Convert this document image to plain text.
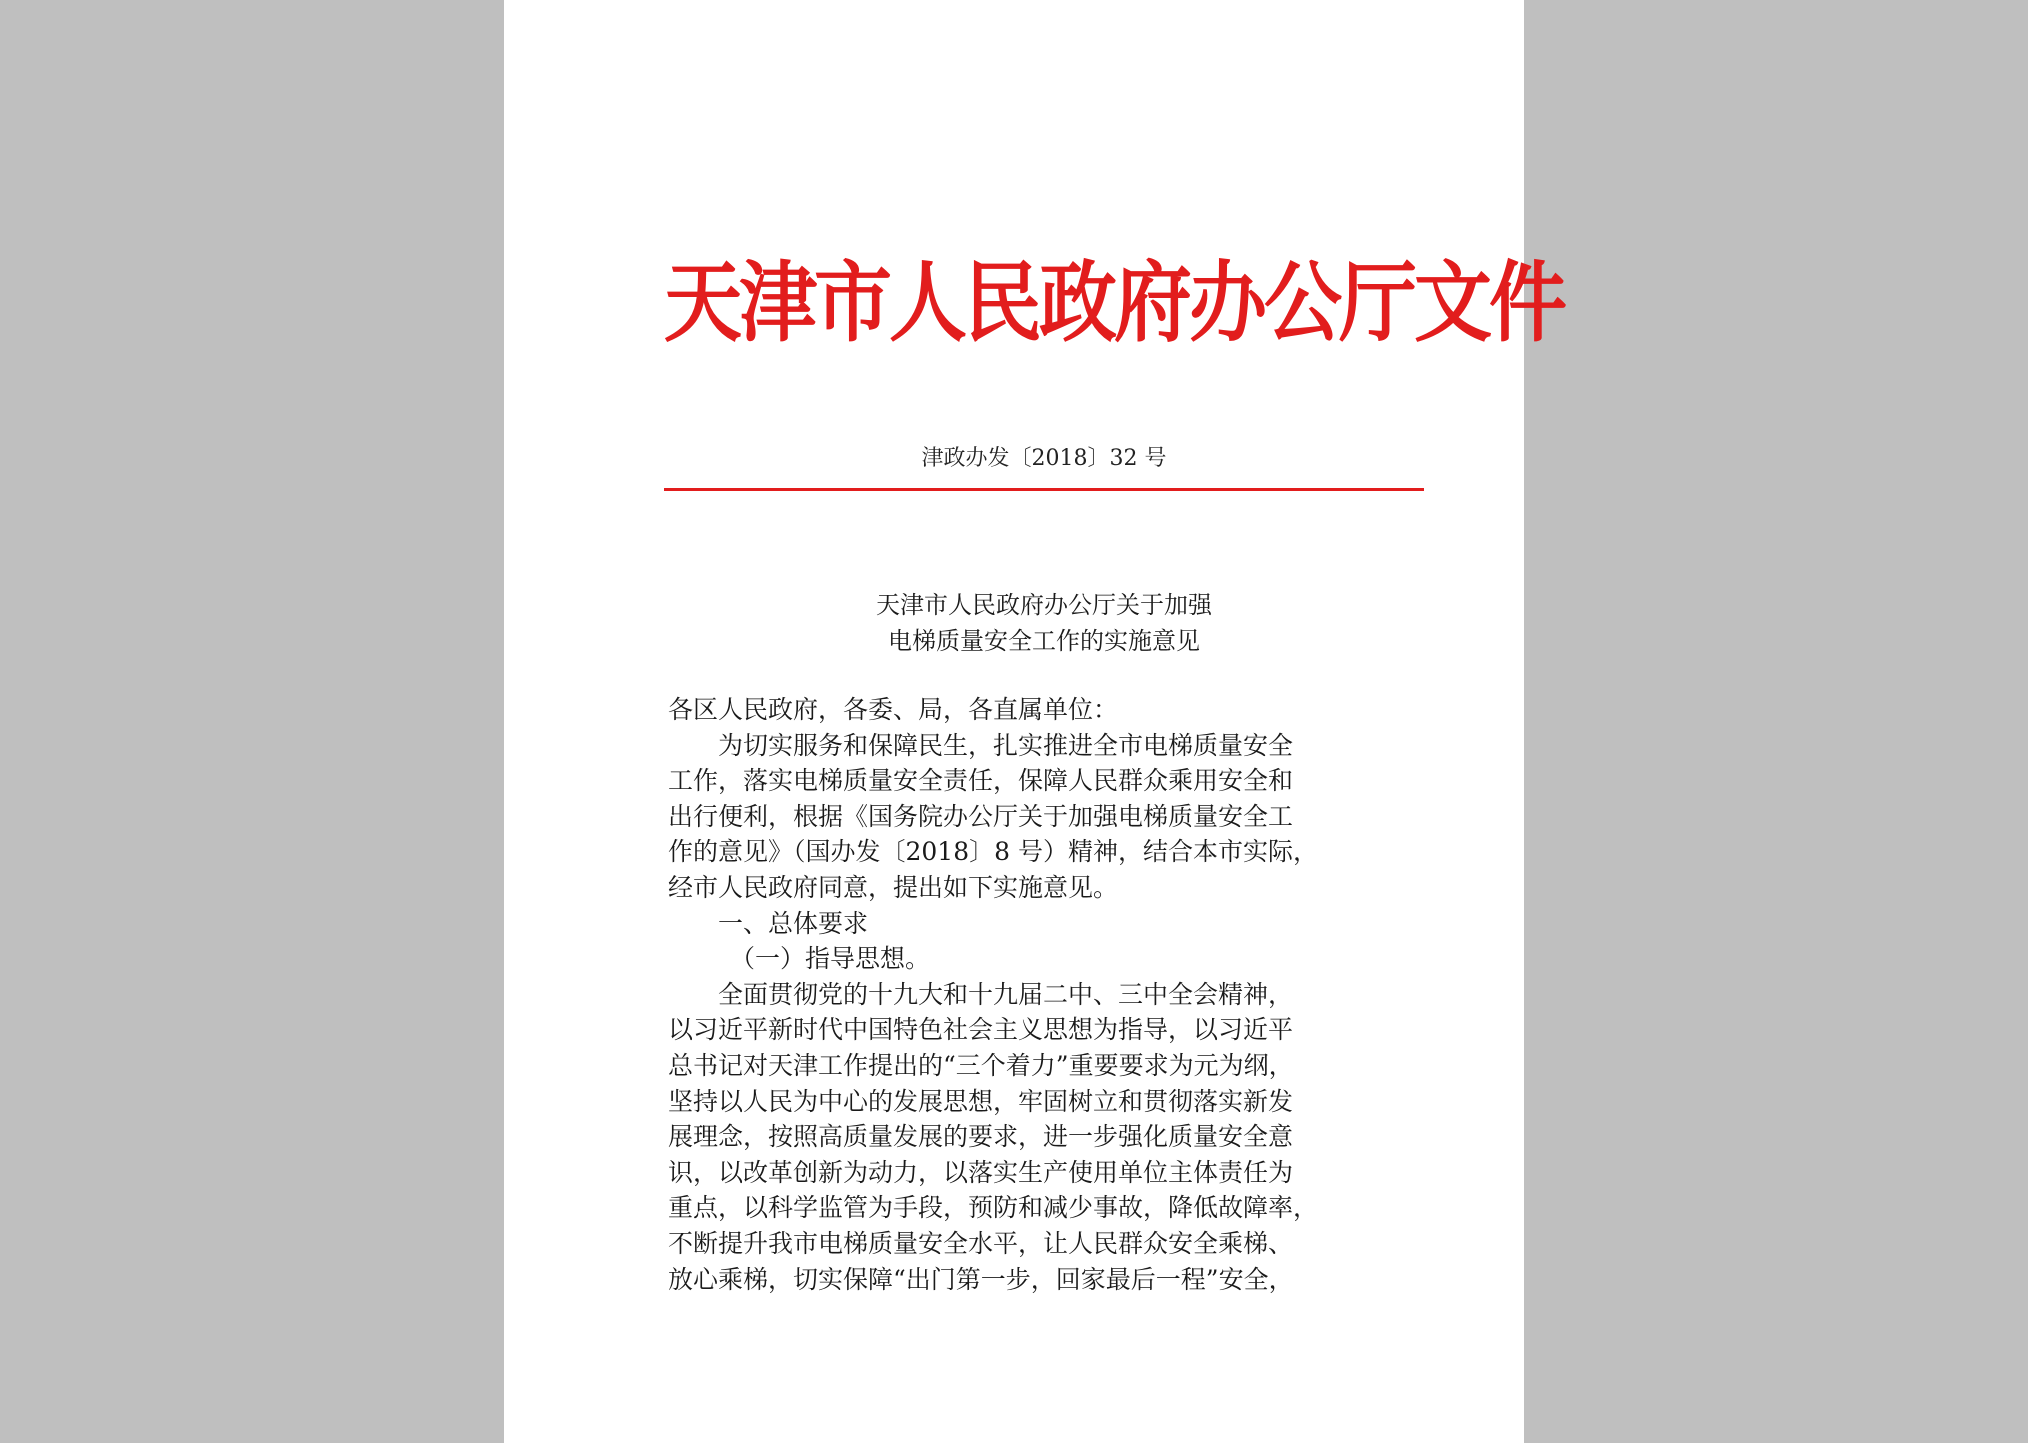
天津市人民政府办公厅文件
津政办发〔2018〕32 号
天津市人民政府办公厅关于加强
电梯质量安全工作的实施意见
各区人民政府，各委、局，各直属单位：
为切实服务和保障民生，扎实推进全市电梯质量安全
工作，落实电梯质量安全责任，保障人民群众乘用安全和
出行便利，根据《国务院办公厅关于加强电梯质量安全工
作的意见》（国办发〔2018〕8 号）精神，结合本市实际，
经市人民政府同意，提出如下实施意见。
一、总体要求
（一）指导思想。
全面贯彻党的十九大和十九届二中、三中全会精神，
以习近平新时代中国特色社会主义思想为指导，以习近平
总书记对天津工作提出的“三个着力”重要要求为元为纲，
坚持以人民为中心的发展思想，牢固树立和贯彻落实新发
展理念，按照高质量发展的要求，进一步强化质量安全意
识，以改革创新为动力，以落实生产使用单位主体责任为
重点，以科学监管为手段，预防和减少事故，降低故障率，
不断提升我市电梯质量安全水平，让人民群众安全乘梯、
放心乘梯，切实保障“出门第一步，回家最后一程”安全，
